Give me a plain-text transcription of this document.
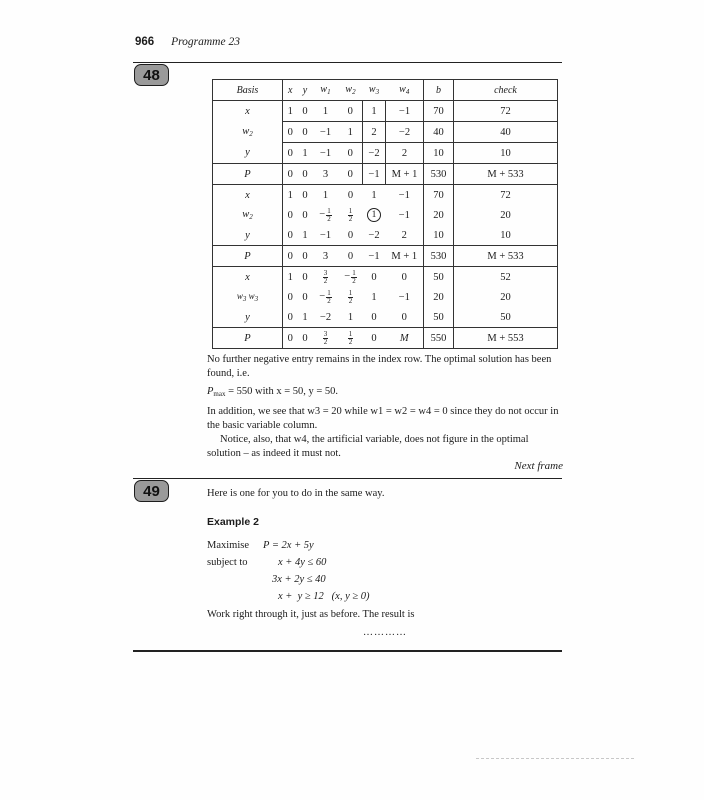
966 Programme 23
48
Basis	x	y	$w_1$	$w_2$	$w_3$	$w_4$	b	check
x	1	0	1	0	1	−1	70	72
$w_2$	0	0	−1	1	2	−2	40	40
y	0	1	−1	0	−2	2	10	10
P	0	0	3	0	−1	M + 1	530	M + 533
x	1	0	1	0	1	−1	70	72
$w_2$	0	0	− $\frac{1}{2}$	$\frac{1}{2}$	1	−1	20	20
y	0	1	−1	0	−2	2	10	10
P	0	0	3	0	−1	M + 1	530	M + 533
x	1	0	$\frac{3}{2}$	− $\frac{1}{2}$	0	0	50	52
$w_3$ $w_3$	0	0	− $\frac{1}{2}$	$\frac{1}{2}$	1	−1	20	20
y	0	1	−2	1	0	0	50	50
P	0	0	$\frac{3}{2}$	$\frac{1}{2}$	0	M	550	M + 553

No further negative entry remains in the index row. The optimal solution has been found, i.e.

$P_{max} = 550$ with x = 50, y = 50.

In addition, we see that w3 = 20 while w1 = w2 = w4 = 0 since they do not occur in the basic variable column.

Notice, also, that w4, the artificial variable, does not figure in the optimal solution – as indeed it must not.

Next frame
49	Here is one for you to do in the same way.
Example 2
Maximise P = 2x + 5y
subject to	x + 4y ≤ 60
3x + 2y ≤ 40
x +  y ≥ 12   (x, y ≥ 0)
Work right through it, just as before. The result is
…………
